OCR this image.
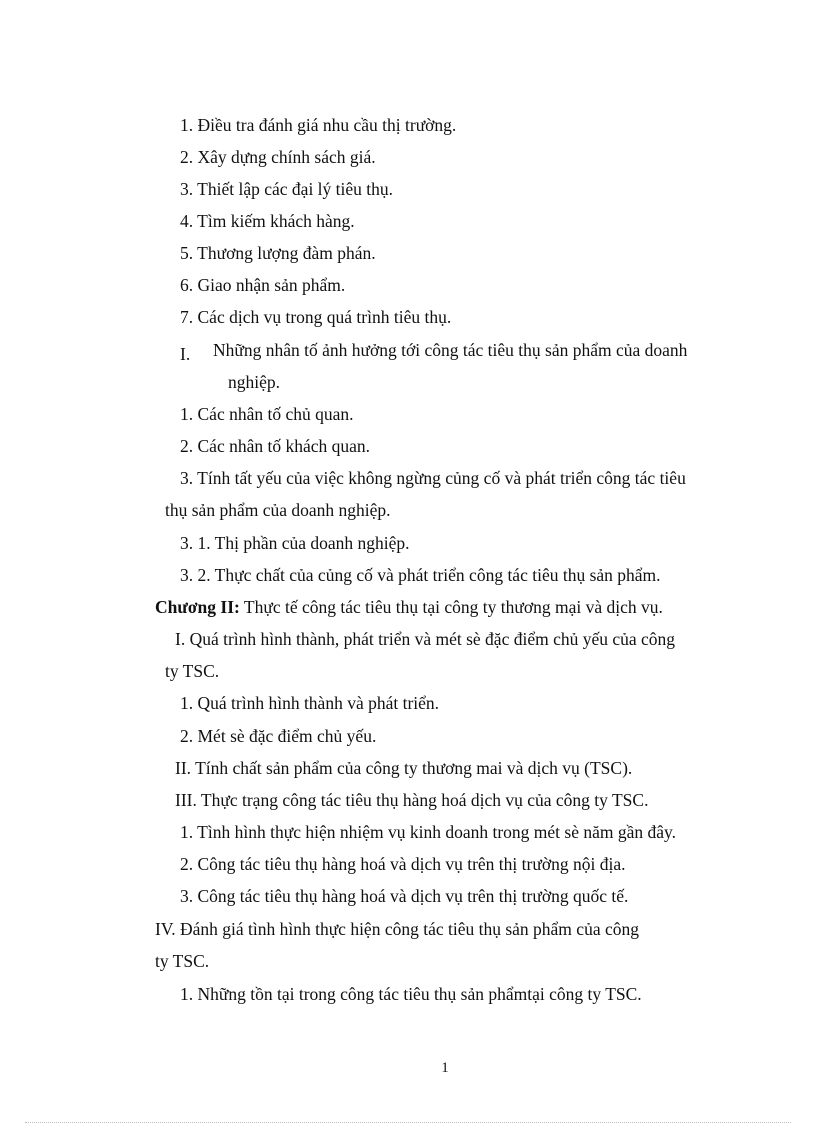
1. Điều tra đánh giá nhu cầu thị trường.
2. Xây dựng chính sách giá.
3. Thiết lập các đại lý tiêu thụ.
4. Tìm kiếm khách hàng.
5. Thương lượng đàm phán.
6. Giao nhận sản phẩm.
7. Các dịch vụ trong quá trình tiêu thụ.
I. Những nhân tố ảnh hưởng tới công tác tiêu thụ sản phẩm của doanh
nghiệp.
1. Các nhân tố chủ quan.
2. Các nhân tố khách quan.
3. Tính tất yếu của việc không ngừng củng cố và phát triển công tác tiêu
thụ sản phẩm của doanh nghiệp.
3. 1. Thị phần của doanh nghiệp.
3. 2. Thực chất của củng cố và phát triển công tác tiêu thụ sản phẩm.
Chương II: Thực tế công tác tiêu thụ tại công ty thương mại và dịch vụ.
I. Quá trình hình thành, phát triển và mét sè đặc điểm chủ yếu của công
ty TSC.
1. Quá trình hình thành và phát triển.
2. Mét sè đặc điểm chủ yếu.
II. Tính chất sản phẩm của công ty thương mai và dịch vụ (TSC).
III. Thực trạng công tác tiêu thụ hàng hoá dịch vụ của công ty TSC.
1. Tình hình thực hiện nhiệm vụ kinh doanh trong mét sè năm gần đây.
2. Công tác tiêu thụ hàng hoá và dịch vụ trên thị trường nội địa.
3. Công tác tiêu thụ hàng hoá và dịch vụ trên thị trường quốc tế.
IV. Đánh giá tình hình thực hiện công tác tiêu thụ sản phẩm của công
ty TSC.
1. Những tồn tại trong công tác tiêu thụ sản phẩmtại công ty TSC.
1
